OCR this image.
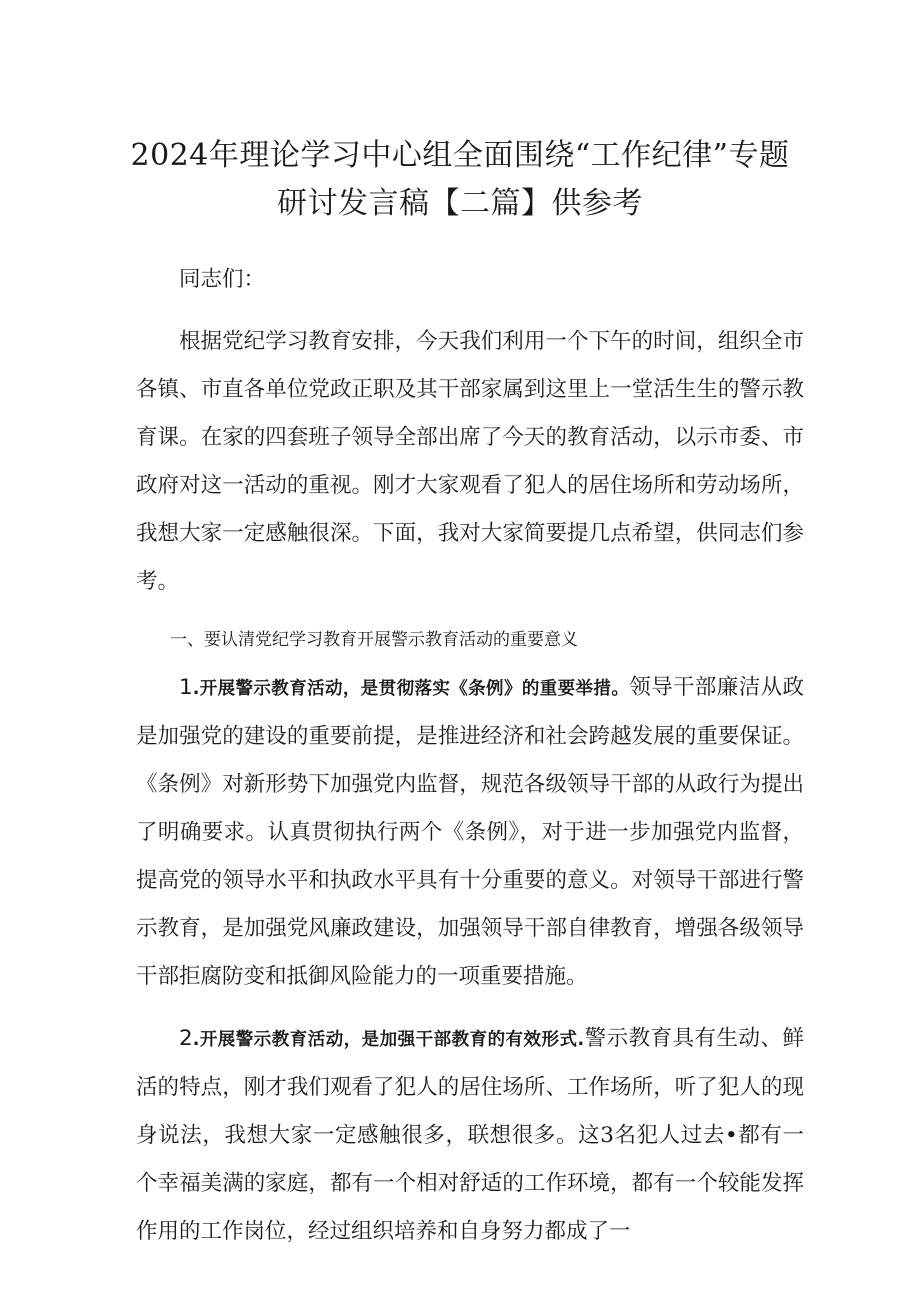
2024年理论学习中心组全面围绕“工作纪律”专题研讨发言稿【二篇】供参考

同志们：

根据党纪学习教育安排，今天我们利用一个下午的时间，组织全市各镇、市直各单位党政正职及其干部家属到这里上一堂活生生的警示教育课。在家的四套班子领导全部出席了今天的教育活动，以示市委、市政府对这一活动的重视。刚才大家观看了犯人的居住场所和劳动场所，我想大家一定感触很深。下面，我对大家简要提几点希望，供同志们参考。

一、要认清党纪学习教育开展警示教育活动的重要意义

1.开展警示教育活动，是贯彻落实《条例》的重要举措。领导干部廉洁从政是加强党的建设的重要前提，是推进经济和社会跨越发展的重要保证。《条例》对新形势下加强党内监督，规范各级领导干部的从政行为提出了明确要求。认真贯彻执行两个《条例》，对于进一步加强党内监督，提高党的领导水平和执政水平具有十分重要的意义。对领导干部进行警示教育，是加强党风廉政建设，加强领导干部自律教育，增强各级领导干部拒腐防变和抵御风险能力的一项重要措施。

2.开展警示教育活动，是加强干部教育的有效形式.警示教育具有生动、鲜活的特点，刚才我们观看了犯人的居住场所、工作场所，听了犯人的现身说法，我想大家一定感触很多，联想很多。这3名犯人过去•都有一个幸福美满的家庭，都有一个相对舒适的工作环境，都有一个较能发挥作用的工作岗位，经过组织培养和自身努力都成了一
